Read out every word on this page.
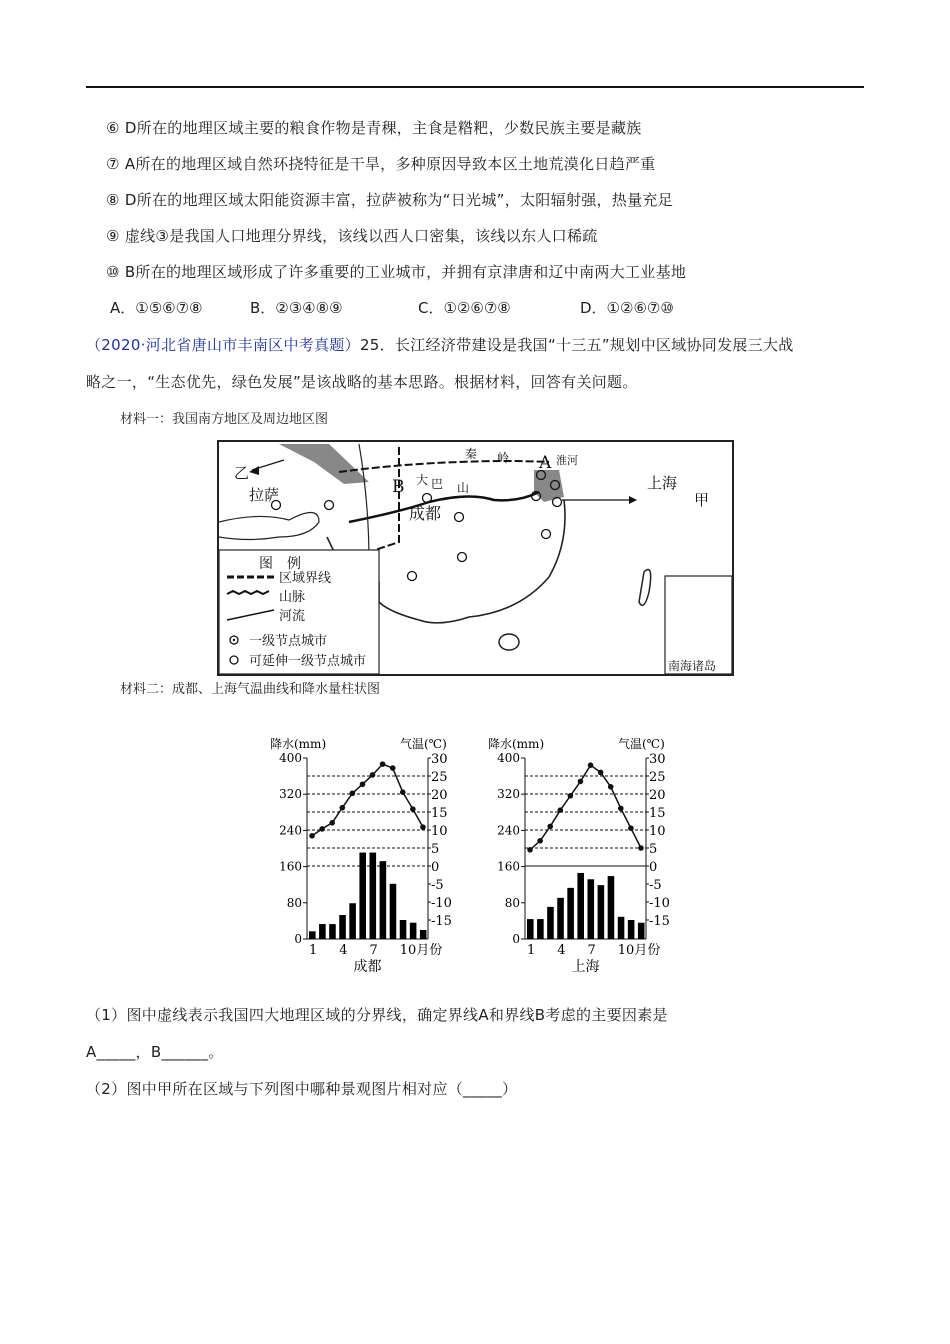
⑥ D所在的地理区域主要的粮食作物是青稞，主食是糌粑，少数民族主要是藏族
⑦ A所在的地理区域自然环挠特征是干旱，多种原因导致本区土地荒漠化日趋严重
⑧ D所在的地理区域太阳能资源丰富，拉萨被称为“日光城”，太阳辐射强，热量充足
⑨ 虚线③是我国人口地理分界线，该线以西人口密集，该线以东人口稀疏
⑩ B所在的地理区域形成了许多重要的工业城市，并拥有京津唐和辽中南两大工业基地
A．①⑤⑥⑦⑧	B．②③④⑧⑨	C．①②⑥⑦⑧	D．①②⑥⑦⑩
（2020·河北省唐山市丰南区中考真题）25．长江经济带建设是我国“十三五”规划中区域协同发展三大战
略之一，“生态优先，绿色发展”是该战略的基本思路。根据材料，回答有关问题。
材料一：我国南方地区及周边地区图
乙
拉萨	B 大 巴 山
成都
秦 岭 A 淮河
上海
甲
南海诸岛
图　例
区域界线
山脉
河流
一级节点城市
可延伸一级节点城市
材料二：成都、上海气温曲线和降水量柱状图
降水(mm)	气温(℃)
0
80
160
240
320
400	30
25
20
15
10
5
0
-5
-10
-15
1 4 7 10月份
成都
降水(mm)	气温(℃)
0
80
160
240
320
400	30
25
20
15
10
5
0
-5
-10
-15
1 4 7 10月份
上海
（1）图中虚线表示我国四大地理区域的分界线，确定界线A和界线B考虑的主要因素是
A_____，B______。
（2）图中甲所在区域与下列图中哪种景观图片相对应（_____）
